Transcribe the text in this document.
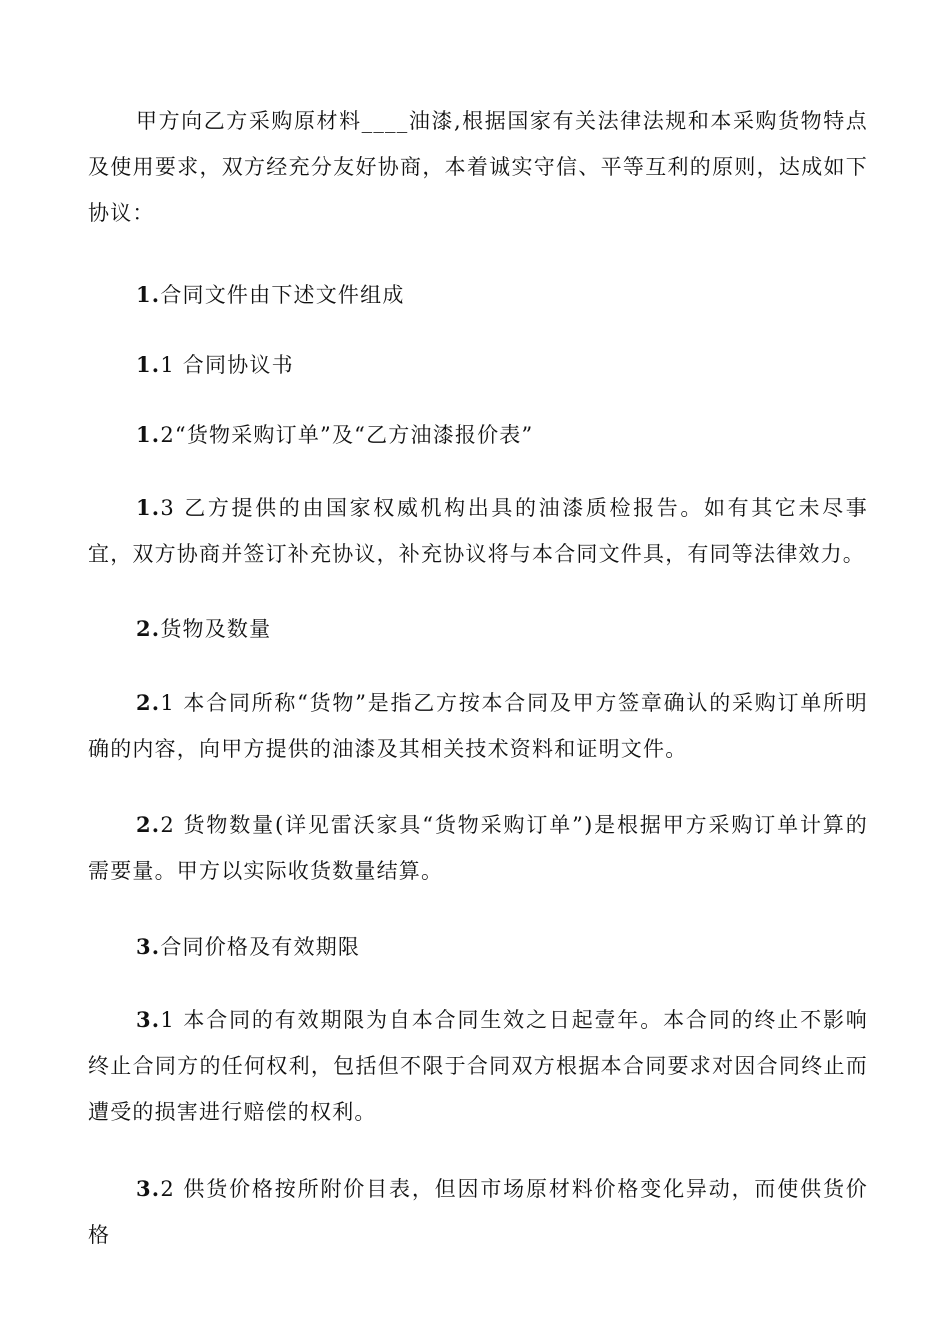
甲方向乙方采购原材料____油漆,根据国家有关法律法规和本采购货物特点及使用要求，双方经充分友好协商，本着诚实守信、平等互利的原则，达成如下协议：

1.合同文件由下述文件组成

1.1 合同协议书

1.2“货物采购订单”及“乙方油漆报价表”

1.3 乙方提供的由国家权威机构出具的油漆质检报告。如有其它未尽事宜，双方协商并签订补充协议，补充协议将与本合同文件具，有同等法律效力。

2.货物及数量

2.1 本合同所称“货物”是指乙方按本合同及甲方签章确认的采购订单所明确的内容，向甲方提供的油漆及其相关技术资料和证明文件。

2.2 货物数量(详见雷沃家具“货物采购订单”)是根据甲方采购订单计算的需要量。甲方以实际收货数量结算。

3.合同价格及有效期限

3.1 本合同的有效期限为自本合同生效之日起壹年。本合同的终止不影响终止合同方的任何权利，包括但不限于合同双方根据本合同要求对因合同终止而遭受的损害进行赔偿的权利。

3.2 供货价格按所附价目表，但因市场原材料价格变化异动，而使供货价格
